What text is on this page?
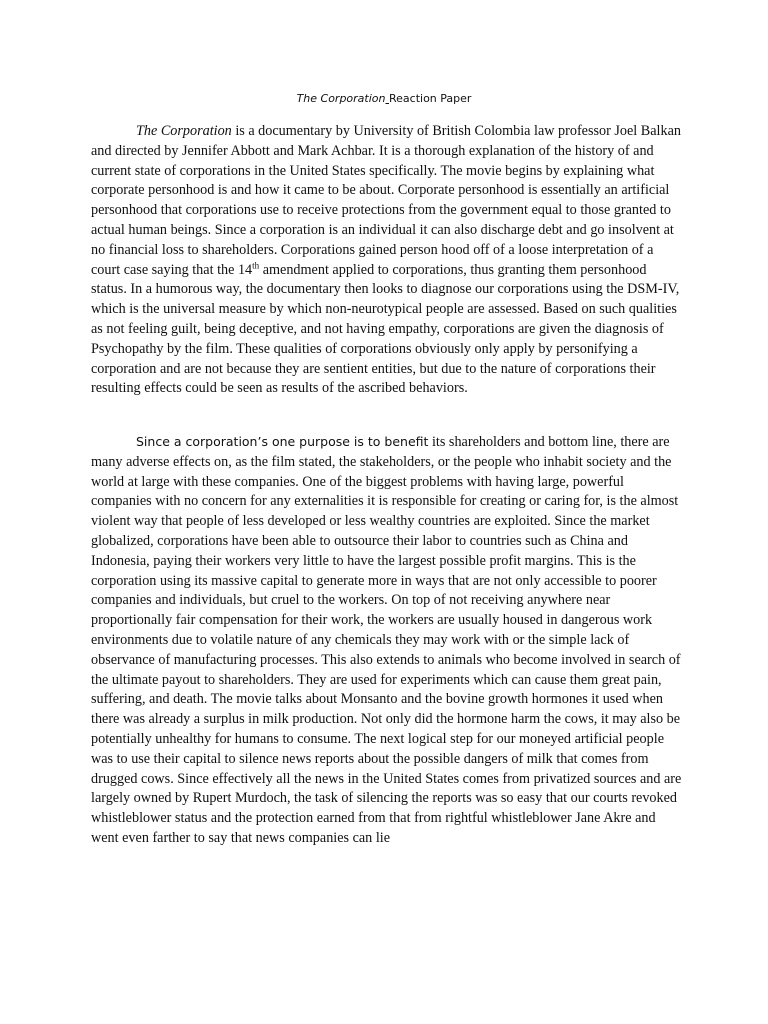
The Corporation Reaction Paper

The Corporation is a documentary by University of British Colombia law professor Joel Balkan and directed by Jennifer Abbott and Mark Achbar. It is a thorough explanation of the history of and current state of corporations in the United States specifically. The movie begins by explaining what corporate personhood is and how it came to be about. Corporate personhood is essentially an artificial personhood that corporations use to receive protections from the government equal to those granted to actual human beings. Since a corporation is an individual it can also discharge debt and go insolvent at no financial loss to shareholders. Corporations gained person hood off of a loose interpretation of a court case saying that the 14th amendment applied to corporations, thus granting them personhood status. In a humorous way, the documentary then looks to diagnose our corporations using the DSM-IV, which is the universal measure by which non-neurotypical people are assessed. Based on such qualities as not feeling guilt, being deceptive, and not having empathy, corporations are given the diagnosis of Psychopathy by the film. These qualities of corporations obviously only apply by personifying a corporation and are not because they are sentient entities, but due to the nature of corporations their resulting effects could be seen as results of the ascribed behaviors.

Since a corporation’s one purpose is to benefit its shareholders and bottom line, there are many adverse effects on, as the film stated, the stakeholders, or the people who inhabit society and the world at large with these companies. One of the biggest problems with having large, powerful companies with no concern for any externalities it is responsible for creating or caring for, is the almost violent way that people of less developed or less wealthy countries are exploited. Since the market globalized, corporations have been able to outsource their labor to countries such as China and Indonesia, paying their workers very little to have the largest possible profit margins. This is the corporation using its massive capital to generate more in ways that are not only accessible to poorer companies and individuals, but cruel to the workers. On top of not receiving anywhere near proportionally fair compensation for their work, the workers are usually housed in dangerous work environments due to volatile nature of any chemicals they may work with or the simple lack of observance of manufacturing processes. This also extends to animals who become involved in search of the ultimate payout to shareholders. They are used for experiments which can cause them great pain, suffering, and death. The movie talks about Monsanto and the bovine growth hormones it used when there was already a surplus in milk production. Not only did the hormone harm the cows, it may also be potentially unhealthy for humans to consume. The next logical step for our moneyed artificial people was to use their capital to silence news reports about the possible dangers of milk that comes from drugged cows. Since effectively all the news in the United States comes from privatized sources and are largely owned by Rupert Murdoch, the task of silencing the reports was so easy that our courts revoked whistleblower status and the protection earned from that from rightful whistleblower Jane Akre and went even farther to say that news companies can lie
